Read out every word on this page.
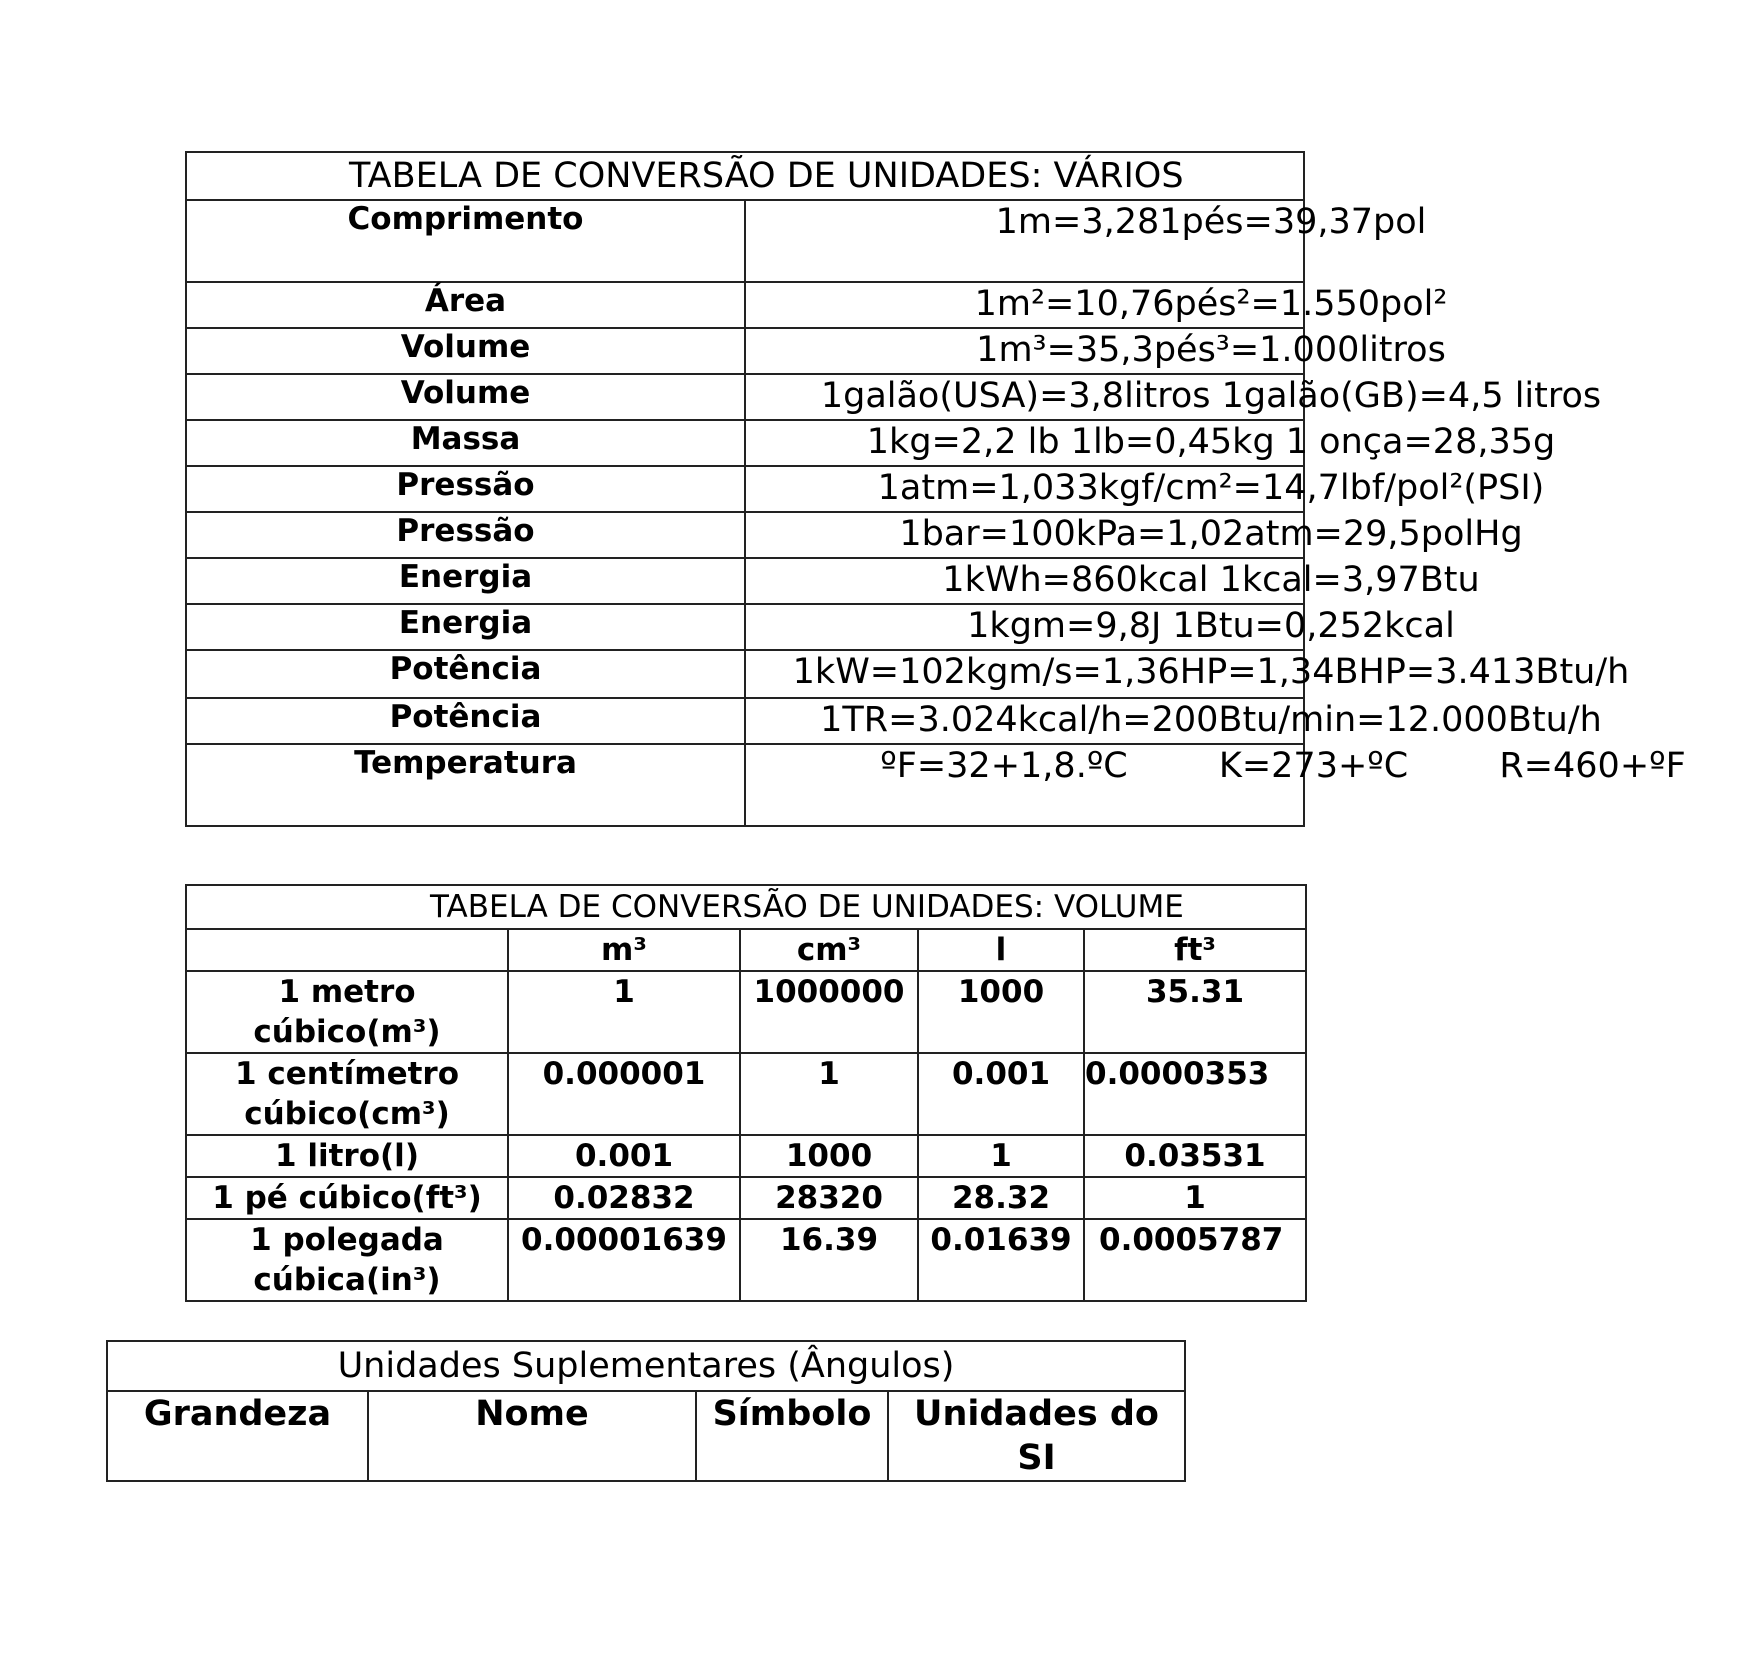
TABELA DE CONVERSÃO DE UNIDADES: VÁRIOS	
Comprimento	1m=3,281pés=39,37pol
Área	1m²=10,76pés²=1.550pol²
Volume	1m³=35,3pés³=1.000litros
Volume	1galão(USA)=3,8litros 1galão(GB)=4,5 litros
Massa	1kg=2,2 lb 1lb=0,45kg 1 onça=28,35g
Pressão	1atm=1,033kgf/cm²=14,7lbf/pol²(PSI)
Pressão	1bar=100kPa=1,02atm=29,5polHg
Energia	1kWh=860kcal 1kcal=3,97Btu
Energia	1kgm=9,8J 1Btu=0,252kcal
Potência	1kW=102kgm/s=1,36HP=1,34BHP=3.413Btu/h
Potência	1TR=3.024kcal/h=200Btu/min=12.000Btu/h
Temperatura	ºF=32+1,8.ºC K=273+ºC R=460+ºF
TABELA DE CONVERSÃO DE UNIDADES: VOLUME				
	m³	cm³	l	ft³
1 metro cúbico(m³)	1	1000000	1000	35.31
1 centímetro cúbico(cm³)	0.000001	1	0.001	0.0000353
1 litro(l)	0.001	1000	1	0.03531
1 pé cúbico(ft³)	0.02832	28320	28.32	1
1 polegada cúbica(in³)	0.00001639	16.39	0.01639	0.0005787
Unidades Suplementares (Ângulos)
Grandeza	Nome	Símbolo	Unidades do SI
